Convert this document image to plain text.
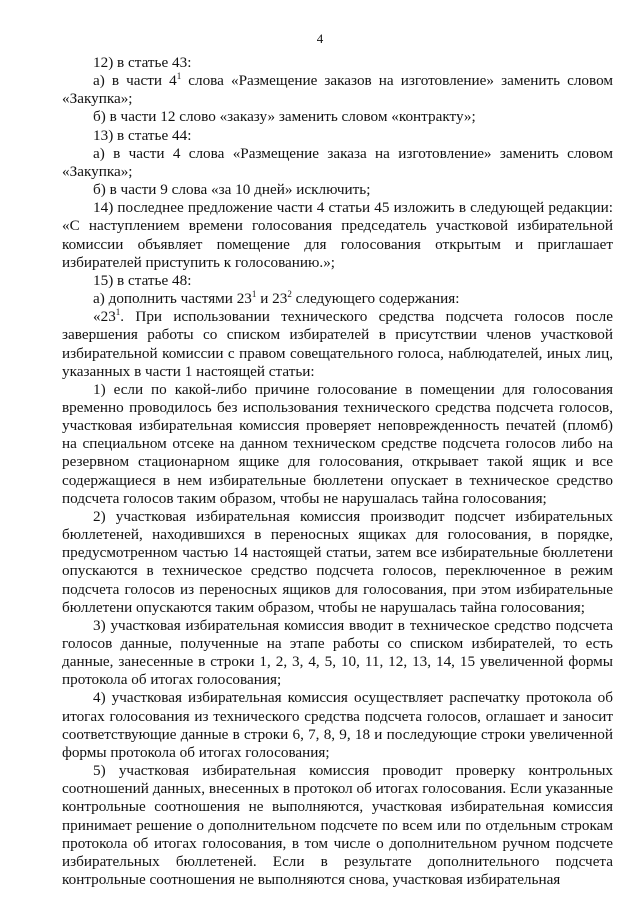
4

12) в статье 43:

а) в части $4^1$ слова «Размещение заказов на изготовление» заменить словом «Закупка»;

б) в части 12 слово «заказу» заменить словом «контракту»;

13) в статье 44:

а) в части 4 слова «Размещение заказа на изготовление» заменить словом «Закупка»;

б) в части 9 слова «за 10 дней» исключить;

14) последнее предложение части 4 статьи 45 изложить в следующей редакции: «С наступлением времени голосования председатель участковой избирательной комиссии объявляет помещение для голосования открытым и приглашает избирателей приступить к голосованию.»;

15) в статье 48:

а) дополнить частями $23^1$ и $23^2$ следующего содержания:

«$23^1$. При использовании технического средства подсчета голосов после завершения работы со списком избирателей в присутствии членов участковой избирательной комиссии с правом совещательного голоса, наблюдателей, иных лиц, указанных в части 1 настоящей статьи:

1) если по какой-либо причине голосование в помещении для голосования временно проводилось без использования технического средства подсчета голосов, участковая избирательная комиссия проверяет неповрежденность печатей (пломб) на специальном отсеке на данном техническом средстве подсчета голосов либо на резервном стационарном ящике для голосования, открывает такой ящик и все содержащиеся в нем избирательные бюллетени опускает в техническое средство подсчета голосов таким образом, чтобы не нарушалась тайна голосования;

2) участковая избирательная комиссия производит подсчет избирательных бюллетеней, находившихся в переносных ящиках для голосования, в порядке, предусмотренном частью 14 настоящей статьи, затем все избирательные бюллетени опускаются в техническое средство подсчета голосов, переключенное в режим подсчета голосов из переносных ящиков для голосования, при этом избирательные бюллетени опускаются таким образом, чтобы не нарушалась тайна голосования;

3) участковая избирательная комиссия вводит в техническое средство подсчета голосов данные, полученные на этапе работы со списком избирателей, то есть данные, занесенные в строки 1, 2, 3, 4, 5, 10, 11, 12, 13, 14, 15 увеличенной формы протокола об итогах голосования;

4) участковая избирательная комиссия осуществляет распечатку протокола об итогах голосования из технического средства подсчета голосов, оглашает и заносит соответствующие данные в строки 6, 7, 8, 9, 18 и последующие строки увеличенной формы протокола об итогах голосования;

5) участковая избирательная комиссия проводит проверку контрольных соотношений данных, внесенных в протокол об итогах голосования. Если указанные контрольные соотношения не выполняются, участковая избирательная комиссия принимает решение о дополнительном подсчете по всем или по отдельным строкам протокола об итогах голосования, в том числе о дополнительном ручном подсчете избирательных бюллетеней. Если в результате дополнительного подсчета контрольные соотношения не выполняются снова, участковая избирательная
